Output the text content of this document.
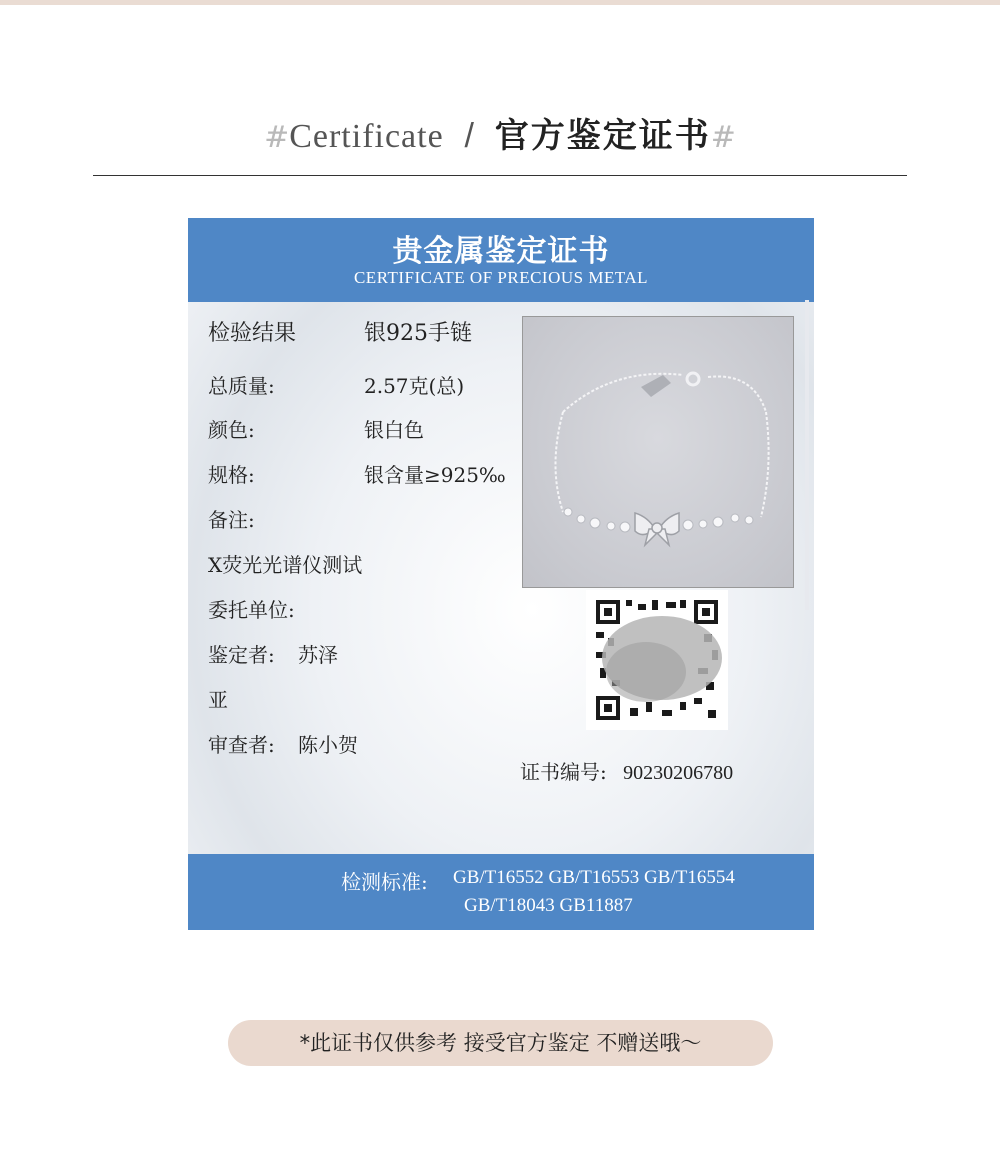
#Certificate / 官方鉴定证书#
贵金属鉴定证书
CERTIFICATE OF PRECIOUS METAL
检验结果	银925手链
总质量:	2.57克(总)
颜色:	银白色
规格:	银含量≥925‰
备注:
X荧光光谱仪测试
委托单位:
鉴定者: 苏泽
亚
审查者: 陈小贺
证书编号: 90230206780
检测标准: GB/T16552 GB/T16553 GB/T16554
GB/T18043 GB11887
*此证书仅供参考 接受官方鉴定 不赠送哦～
